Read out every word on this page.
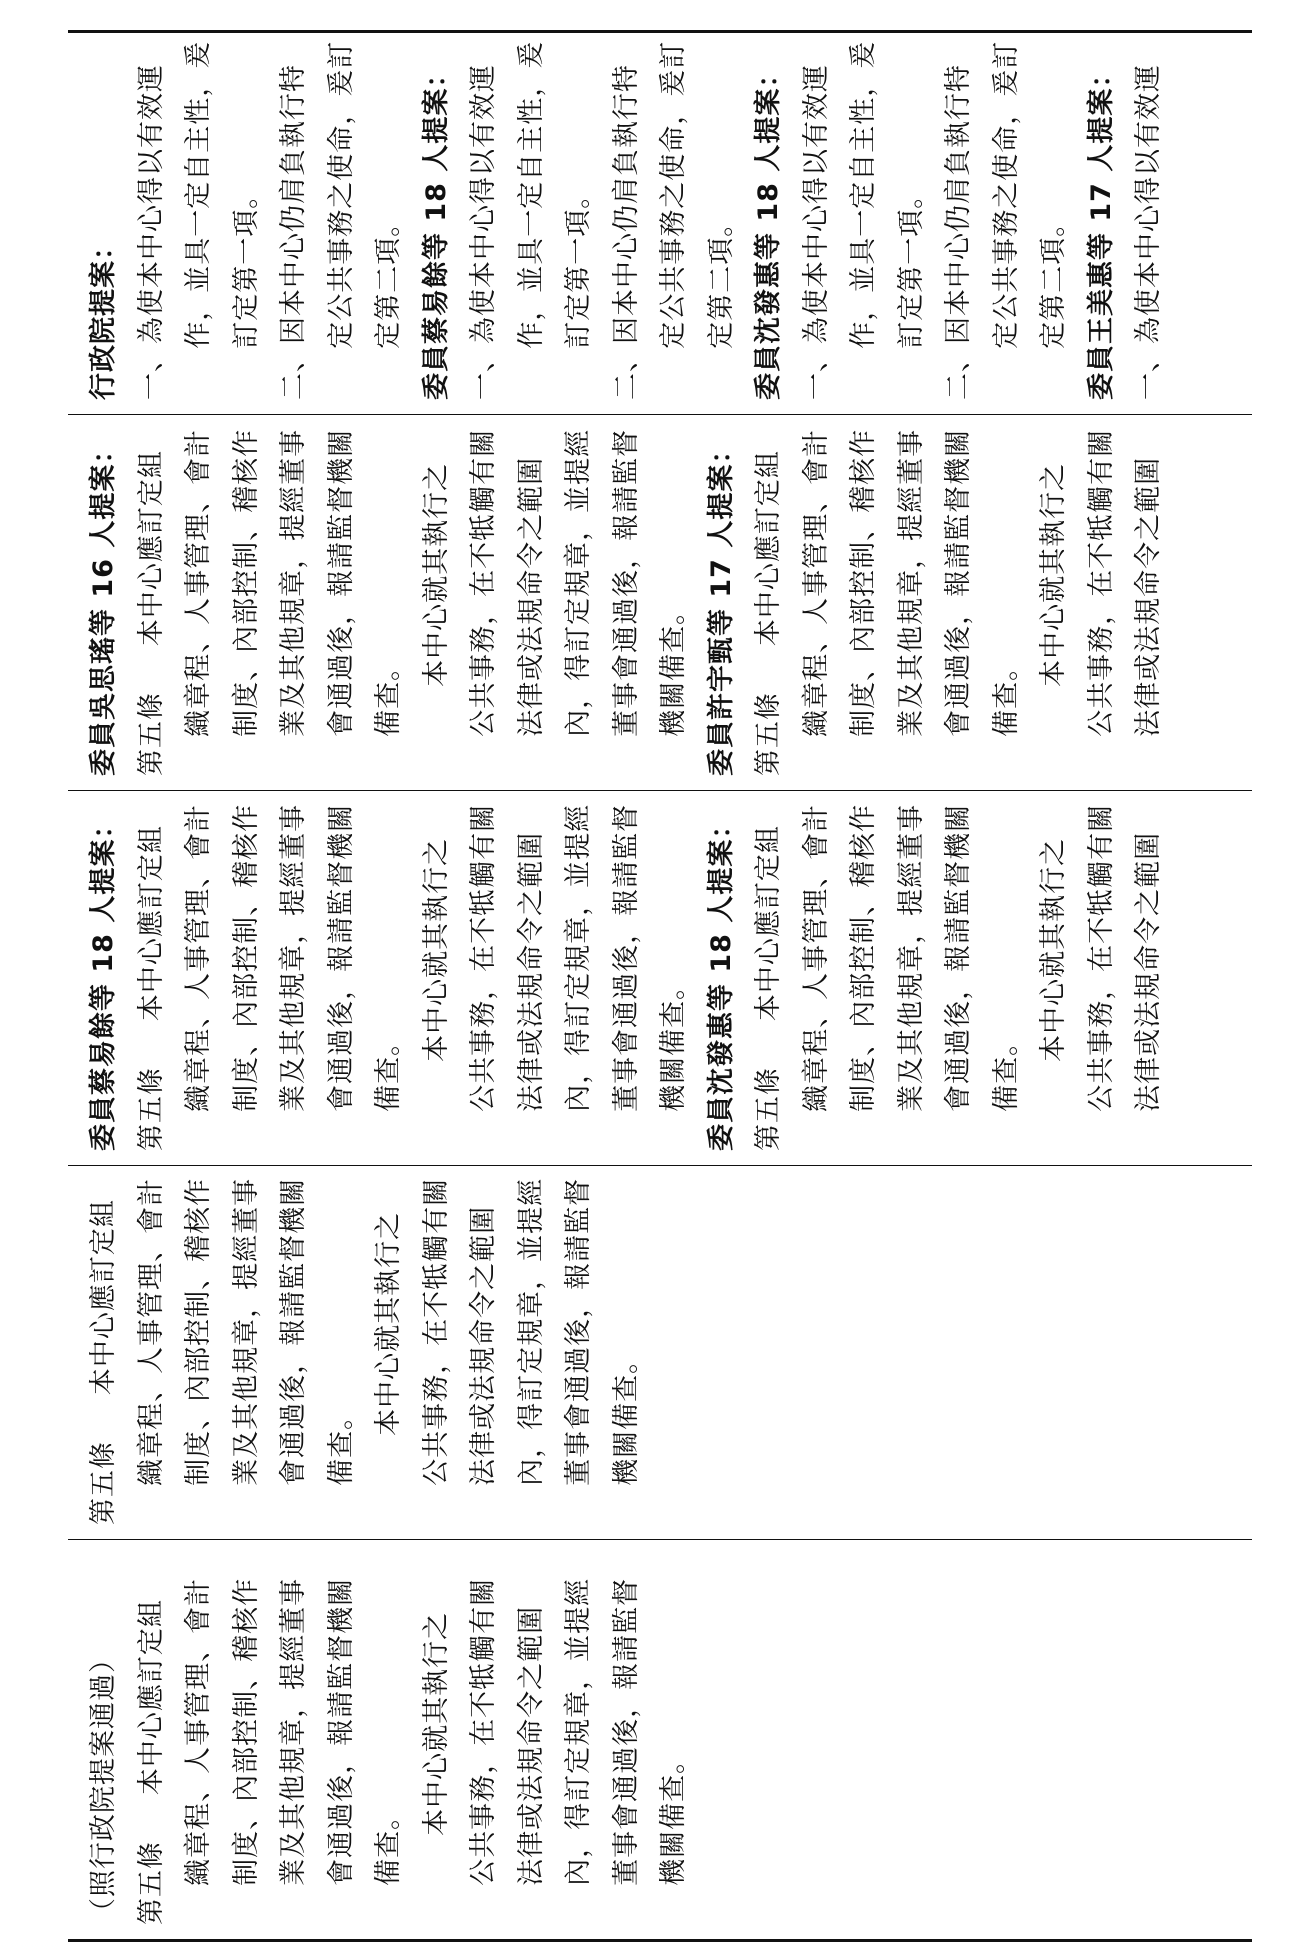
行政院提案： 一、為使本中心得以有效運 作，並具一定自主性，爰 訂定第一項。 二、因本中心仍肩負執行特 定公共事務之使命，爰訂 定第二項。 委員蔡易餘等 18 人提案： 一、為使本中心得以有效運 作，並具一定自主性，爰 訂定第一項。 二、因本中心仍肩負執行特 定公共事務之使命，爰訂 定第二項。 委員沈發惠等 18 人提案： 一、為使本中心得以有效運 作，並具一定自主性，爰 訂定第一項。 二、因本中心仍肩負執行特 定公共事務之使命，爰訂 定第二項。 委員王美惠等 17 人提案： 一、為使本中心得以有效運
委員吳思瑤等 16 人提案： 第五條本中心應訂定組 織章程、人事管理、會計 制度、內部控制、稽核作 業及其他規章，提經董事 會通過後，報請監督機關 備查。
本中心就其執行之 公共事務，在不牴觸有關 法律或法規命令之範圍 內，得訂定規章，並提經 董事會通過後，報請監督 機關備查。 委員許宇甄等 17 人提案： 第五條本中心應訂定組 織章程、人事管理、會計 制度、內部控制、稽核作 業及其他規章，提經董事 會通過後，報請監督機關 備查。
本中心就其執行之 公共事務，在不牴觸有關 法律或法規命令之範圍
委員蔡易餘等 18 人提案： 第五條本中心應訂定組 織章程、人事管理、會計 制度、內部控制、稽核作 業及其他規章，提經董事 會通過後，報請監督機關 備查。
本中心就其執行之 公共事務，在不牴觸有關 法律或法規命令之範圍 內，得訂定規章，並提經 董事會通過後，報請監督 機關備查。 委員沈發惠等 18 人提案： 第五條本中心應訂定組 織章程、人事管理、會計 制度、內部控制、稽核作 業及其他規章，提經董事 會通過後，報請監督機關 備查。
本中心就其執行之 公共事務，在不牴觸有關 法律或法規命令之範圍
第五條本中心應訂定組 織章程、人事管理、會計 制度、內部控制、稽核作 業及其他規章，提經董事 會通過後，報請監督機關 備查。
本中心就其執行之 公共事務，在不牴觸有關 法律或法規命令之範圍 內，得訂定規章，並提經 董事會通過後，報請監督 機關備查。
（照行政院提案通過） 第五條本中心應訂定組 織章程、人事管理、會計 制度、內部控制、稽核作 業及其他規章，提經董事 會通過後，報請監督機關 備查。
本中心就其執行之 公共事務，在不牴觸有關 法律或法規命令之範圍 內，得訂定規章，並提經 董事會通過後，報請監督 機關備查。
